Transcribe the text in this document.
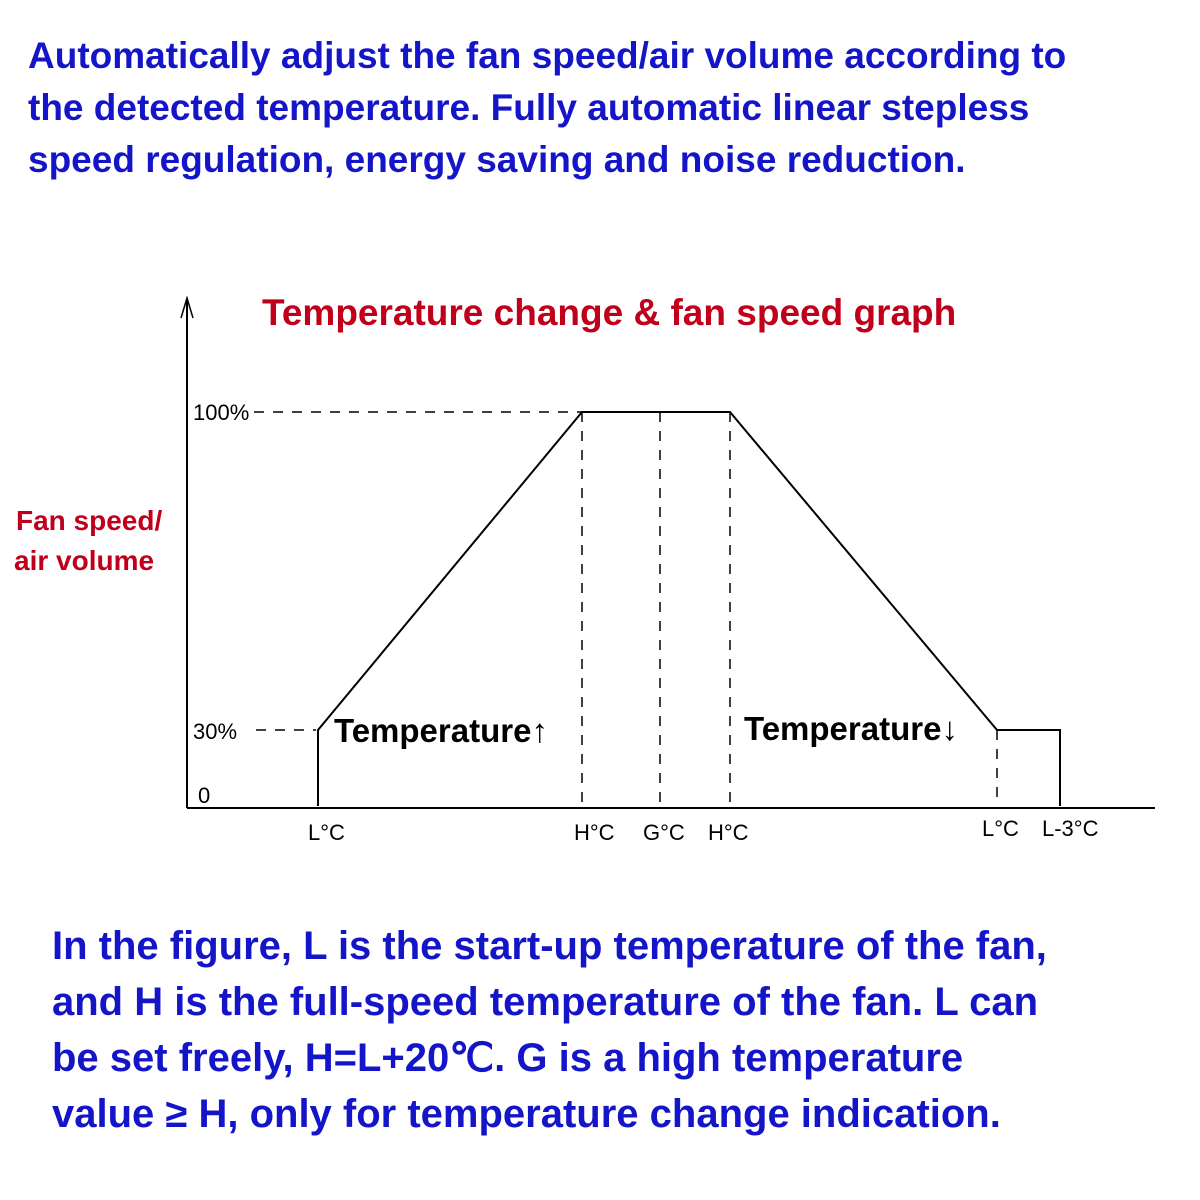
Automatically adjust the fan speed/air volume according to
the detected temperature. Fully automatic linear stepless
speed regulation, energy saving and noise reduction.
Temperature change & fan speed graph
Fan speed/
air volume
100%
30%
0
Temperature↑	Temperature↓
L°C	H°C G°C H°C	L°C L-3°C
In the figure, L is the start-up temperature of the fan,
and H is the full-speed temperature of the fan. L can
be set freely, H=L+20℃. G is a high temperature
value ≥ H, only for temperature change indication.
